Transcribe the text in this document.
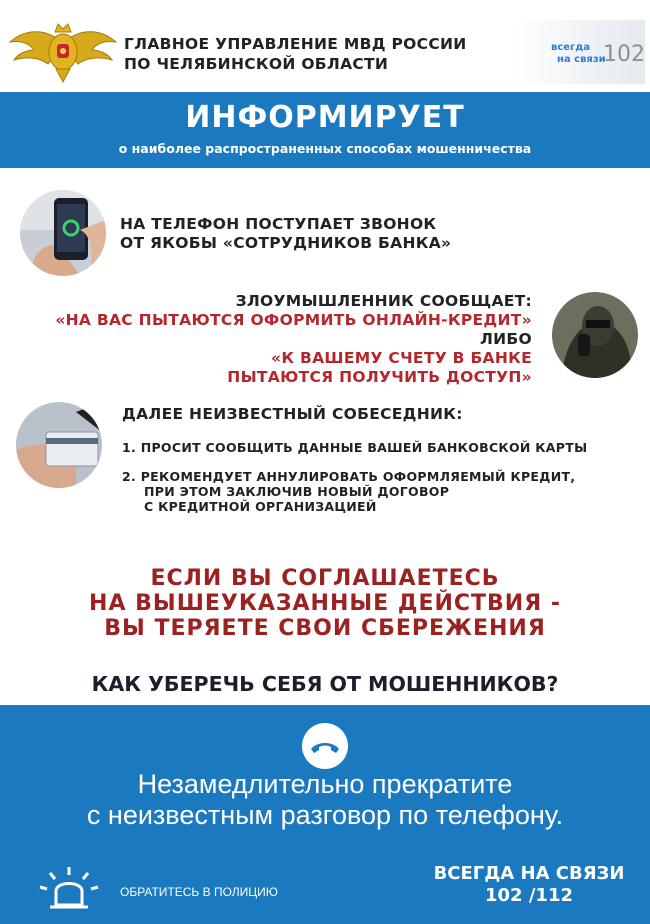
ГЛАВНОЕ УПРАВЛЕНИЕ МВД РОССИИ
ПО ЧЕЛЯБИНСКОЙ ОБЛАСТИ
всегда
на связи
102
ИНФОРМИРУЕТ
о наиболее распространенных способах мошенничества
НА ТЕЛЕФОН ПОСТУПАЕТ ЗВОНОК
ОТ ЯКОБЫ «СОТРУДНИКОВ БАНКА»
ЗЛОУМЫШЛЕННИК СООБЩАЕТ:
«НА ВАС ПЫТАЮТСЯ ОФОРМИТЬ ОНЛАЙН-КРЕДИТ»
ЛИБО
«К ВАШЕМУ СЧЕТУ В БАНКЕ
ПЫТАЮТСЯ ПОЛУЧИТЬ ДОСТУП»
ДАЛЕЕ НЕИЗВЕСТНЫЙ СОБЕСЕДНИК:
1. ПРОСИТ СООБЩИТЬ ДАННЫЕ ВАШЕЙ БАНКОВСКОЙ КАРТЫ
2. РЕКОМЕНДУЕТ АННУЛИРОВАТЬ ОФОРМЛЯЕМЫЙ КРЕДИТ,
ПРИ ЭТОМ ЗАКЛЮЧИВ НОВЫЙ ДОГОВОР
С КРЕДИТНОЙ ОРГАНИЗАЦИЕЙ
ЕСЛИ ВЫ СОГЛАШАЕТЕСЬ
НА ВЫШЕУКАЗАННЫЕ ДЕЙСТВИЯ -
ВЫ ТЕРЯЕТЕ СВОИ СБЕРЕЖЕНИЯ
КАК УБЕРЕЧЬ СЕБЯ ОТ МОШЕННИКОВ?
Незамедлительно прекратите
с неизвестным разговор по телефону.
ОБРАТИТЕСЬ В ПОЛИЦИЮ
ВСЕГДА НА СВЯЗИ
102 /112
